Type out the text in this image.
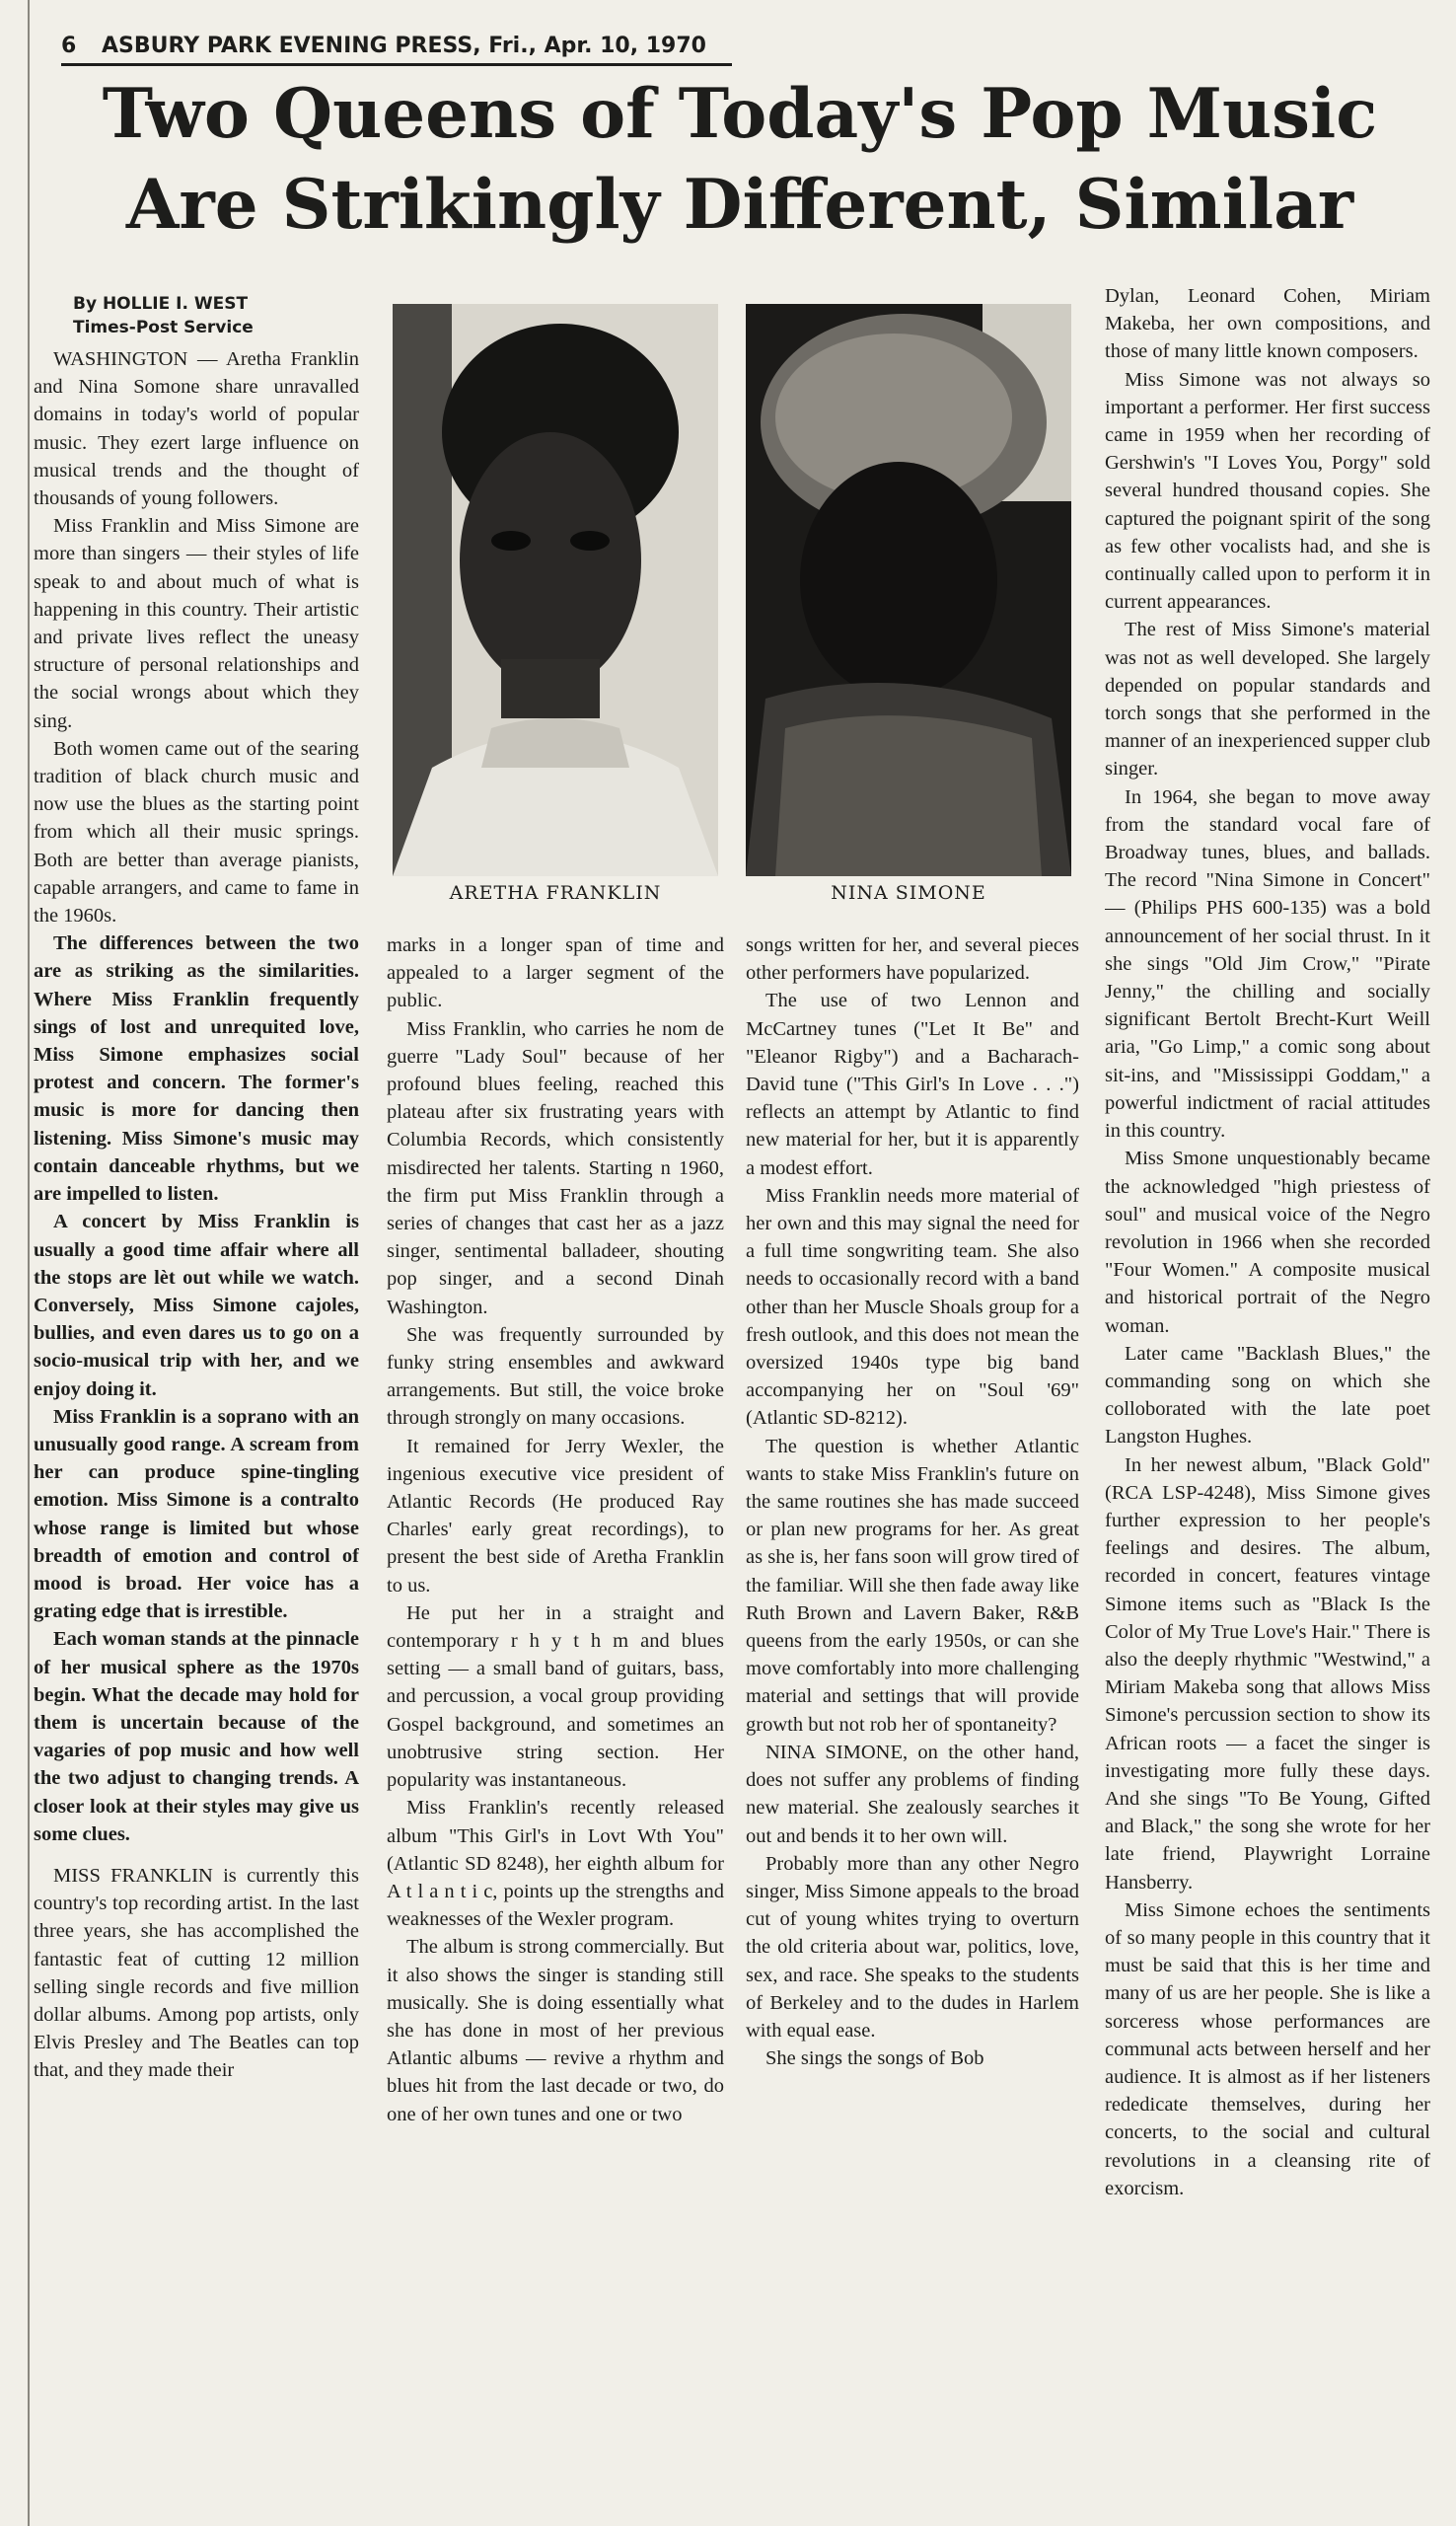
6 ASBURY PARK EVENING PRESS, Fri., Apr. 10, 1970
Two Queens of Today's Pop Music
Are Strikingly Different, Similar

By HOLLIE I. WEST

Times-Post Service

WASHINGTON — Aretha Franklin and Nina Somone share unravalled domains in today's world of popular music. They ezert large influence on musical trends and the thought of thousands of young followers.

Miss Franklin and Miss Simone are more than singers — their styles of life speak to and about much of what is happening in this country. Their artistic and private lives reflect the uneasy structure of personal relationships and the social wrongs about which they sing.

Both women came out of the searing tradition of black church music and now use the blues as the starting point from which all their music springs. Both are better than average pianists, capable arrangers, and came to fame in the 1960s.

The differences between the two are as striking as the similarities. Where Miss Franklin frequently sings of lost and unrequited love, Miss Simone emphasizes social protest and concern. The former's music is more for dancing then listening. Miss Simone's music may contain danceable rhythms, but we are impelled to listen.

A concert by Miss Franklin is usually a good time affair where all the stops are lèt out while we watch. Conversely, Miss Simone cajoles, bullies, and even dares us to go on a socio-musical trip with her, and we enjoy doing it.

Miss Franklin is a soprano with an unusually good range. A scream from her can produce spine-tingling emotion. Miss Simone is a contralto whose range is limited but whose breadth of emotion and control of mood is broad. Her voice has a grating edge that is irrestible.

Each woman stands at the pinnacle of her musical sphere as the 1970s begin. What the decade may hold for them is uncertain because of the vagaries of pop music and how well the two adjust to changing trends. A closer look at their styles may give us some clues.

MISS FRANKLIN is currently this country's top recording artist. In the last three years, she has accomplished the fantastic feat of cutting 12 million selling single records and five million dollar albums. Among pop artists, only Elvis Presley and The Beatles can top that, and they made their

ARETHA FRANKLIN	NINA SIMONE

marks in a longer span of time and appealed to a larger segment of the public.

Miss Franklin, who carries he nom de guerre "Lady Soul" because of her profound blues feeling, reached this plateau after six frustrating years with Columbia Records, which consistently misdirected her talents. Starting n 1960, the firm put Miss Franklin through a series of changes that cast her as a jazz singer, sentimental balladeer, shouting pop singer, and a second Dinah Washington.

She was frequently surrounded by funky string ensembles and awkward arrangements. But still, the voice broke through strongly on many occasions.

It remained for Jerry Wexler, the ingenious executive vice president of Atlantic Records (He produced Ray Charles' early great recordings), to present the best side of Aretha Franklin to us.

He put her in a straight and contemporary r h y t h m and blues setting — a small band of guitars, bass, and percussion, a vocal group providing Gospel background, and sometimes an unobtrusive string section. Her popularity was instantaneous.

Miss Franklin's recently released album "This Girl's in Lovt Wth You" (Atlantic SD 8248), her eighth album for A t l a n t i c, points up the strengths and weaknesses of the Wexler program.

The album is strong commercially. But it also shows the singer is standing still musically. She is doing essentially what she has done in most of her previous Atlantic albums — revive a rhythm and blues hit from the last decade or two, do one of her own tunes and one or two

songs written for her, and several pieces other performers have popularized.

The use of two Lennon and McCartney tunes ("Let It Be" and "Eleanor Rigby") and a Bacharach-David tune ("This Girl's In Love . . .") reflects an attempt by Atlantic to find new material for her, but it is apparently a modest effort.

Miss Franklin needs more material of her own and this may signal the need for a full time songwriting team. She also needs to occasionally record with a band other than her Muscle Shoals group for a fresh outlook, and this does not mean the oversized 1940s type big band accompanying her on "Soul '69" (Atlantic SD-8212).

The question is whether Atlantic wants to stake Miss Franklin's future on the same routines she has made succeed or plan new programs for her. As great as she is, her fans soon will grow tired of the familiar. Will she then fade away like Ruth Brown and Lavern Baker, R&B queens from the early 1950s, or can she move comfortably into more challenging material and settings that will provide growth but not rob her of spontaneity?

NINA SIMONE, on the other hand, does not suffer any problems of finding new material. She zealously searches it out and bends it to her own will.

Probably more than any other Negro singer, Miss Simone appeals to the broad cut of young whites trying to overturn the old criteria about war, politics, love, sex, and race. She speaks to the students of Berkeley and to the dudes in Harlem with equal ease.

She sings the songs of Bob

Dylan, Leonard Cohen, Miriam Makeba, her own compositions, and those of many little known composers.

Miss Simone was not always so important a performer. Her first success came in 1959 when her recording of Gershwin's "I Loves You, Porgy" sold several hundred thousand copies. She captured the poignant spirit of the song as few other vocalists had, and she is continually called upon to perform it in current appearances.

The rest of Miss Simone's material was not as well developed. She largely depended on popular standards and torch songs that she performed in the manner of an inexperienced supper club singer.

In 1964, she began to move away from the standard vocal fare of Broadway tunes, blues, and ballads. The record "Nina Simone in Concert" — (Philips PHS 600-135) was a bold announcement of her social thrust. In it she sings "Old Jim Crow," "Pirate Jenny," the chilling and socially significant Bertolt Brecht-Kurt Weill aria, "Go Limp," a comic song about sit-ins, and "Mississippi Goddam," a powerful indictment of racial attitudes in this country.

Miss Smone unquestionably became the acknowledged "high priestess of soul" and musical voice of the Negro revolution in 1966 when she recorded "Four Women." A composite musical and historical portrait of the Negro woman.

Later came "Backlash Blues," the commanding song on which she colloborated with the late poet Langston Hughes.

In her newest album, "Black Gold" (RCA LSP-4248), Miss Simone gives further expression to her people's feelings and desires. The album, recorded in concert, features vintage Simone items such as "Black Is the Color of My True Love's Hair." There is also the deeply rhythmic "Westwind," a Miriam Makeba song that allows Miss Simone's percussion section to show its African roots — a facet the singer is investigating more fully these days. And she sings "To Be Young, Gifted and Black," the song she wrote for her late friend, Playwright Lorraine Hansberry.

Miss Simone echoes the sentiments of so many people in this country that it must be said that this is her time and many of us are her people. She is like a sorceress whose performances are communal acts between herself and her audience. It is almost as if her listeners rededicate themselves, during her concerts, to the social and cultural revolutions in a cleansing rite of exorcism.
